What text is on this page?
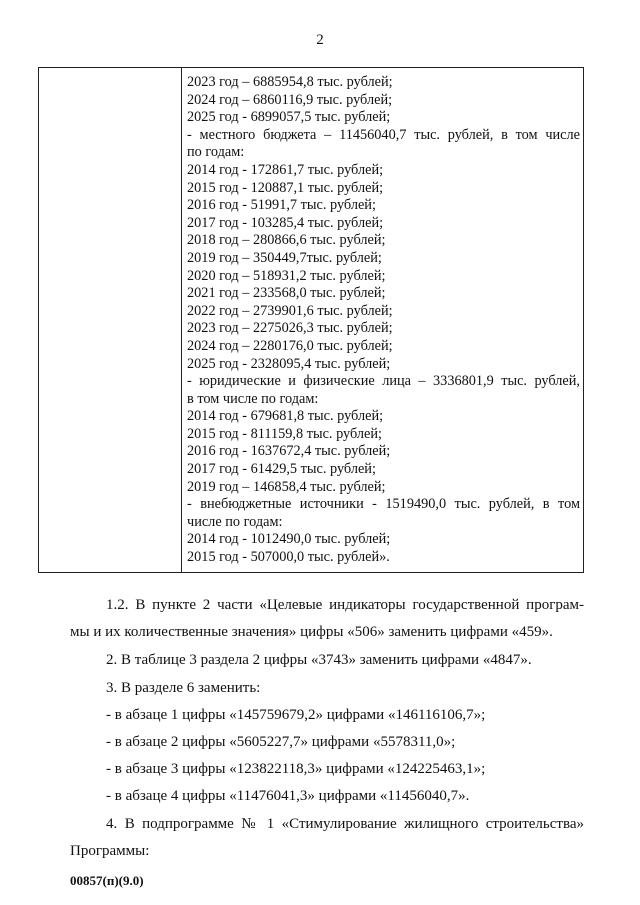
2
2023 год – 6885954,8 тыс. рублей;
2024 год – 6860116,9 тыс. рублей;
2025 год - 6899057,5 тыс. рублей;
- местного бюджета – 11456040,7 тыс. рублей, в том числе
по годам:
2014 год - 172861,7 тыс. рублей;
2015 год - 120887,1 тыс. рублей;
2016 год - 51991,7 тыс. рублей;
2017 год - 103285,4 тыс. рублей;
2018 год – 280866,6 тыс. рублей;
2019 год – 350449,7тыс. рублей;
2020 год – 518931,2 тыс. рублей;
2021 год – 233568,0 тыс. рублей;
2022 год – 2739901,6 тыс. рублей;
2023 год – 2275026,3 тыс. рублей;
2024 год – 2280176,0 тыс. рублей;
2025 год - 2328095,4 тыс. рублей;
- юридические и физические лица – 3336801,9 тыс. рублей,
в том числе по годам:
2014 год - 679681,8 тыс. рублей;
2015 год - 811159,8 тыс. рублей;
2016 год - 1637672,4 тыс. рублей;
2017 год - 61429,5 тыс. рублей;
2019 год – 146858,4 тыс. рублей;
- внебюджетные источники - 1519490,0 тыс. рублей, в том
числе по годам:
2014 год - 1012490,0 тыс. рублей;
2015 год - 507000,0 тыс. рублей».
1.2. В пункте 2 части «Целевые индикаторы государственной програм-
мы и их количественные значения» цифры «506» заменить цифрами «459».
2. В таблице 3 раздела 2 цифры «3743» заменить цифрами «4847».
3. В разделе 6 заменить:
- в абзаце 1 цифры «145759679,2» цифрами «146116106,7»;
- в абзаце 2 цифры «5605227,7» цифрами «5578311,0»;
- в абзаце 3 цифры «123822118,3» цифрами «124225463,1»;
- в абзаце 4 цифры «11476041,3» цифрами «11456040,7».
4. В подпрограмме № 1 «Стимулирование жилищного строительства»
Программы:
00857(п)(9.0)
